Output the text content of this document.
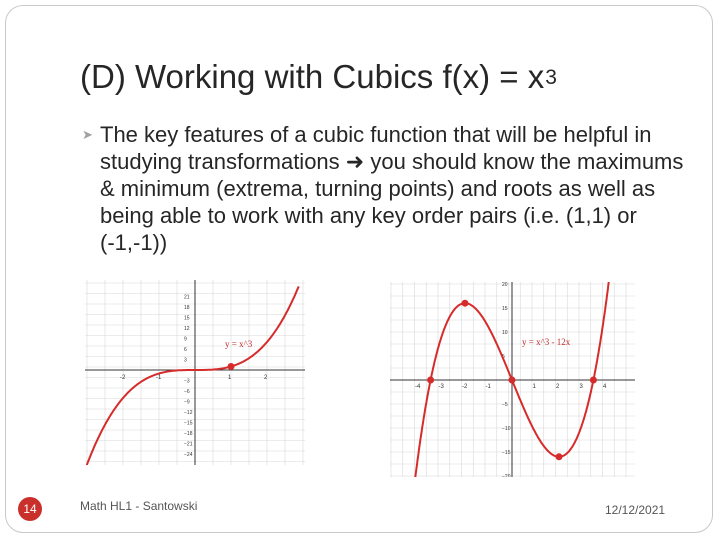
(D) Working with Cubics $f(x) = x^3$
➤ The key features of a cubic function that will be helpful in studying transformations ➜ you should know the maximums & minimum (extrema, turning points) and roots as well as being able to work with any key order pairs (i.e. (1,1) or (-1,-1))
-2	-1	1	2
21
18
15
12
9
6
3
−3
−6
−9
−12
−15
−18
−21
−24
y = x^3
-4	-3	-2	-1	1	2	3	4
20
15
10
5
−5
−10
−15
−20
y = x^3 - 12x
14	Math HL1 - Santowski	12/12/2021
